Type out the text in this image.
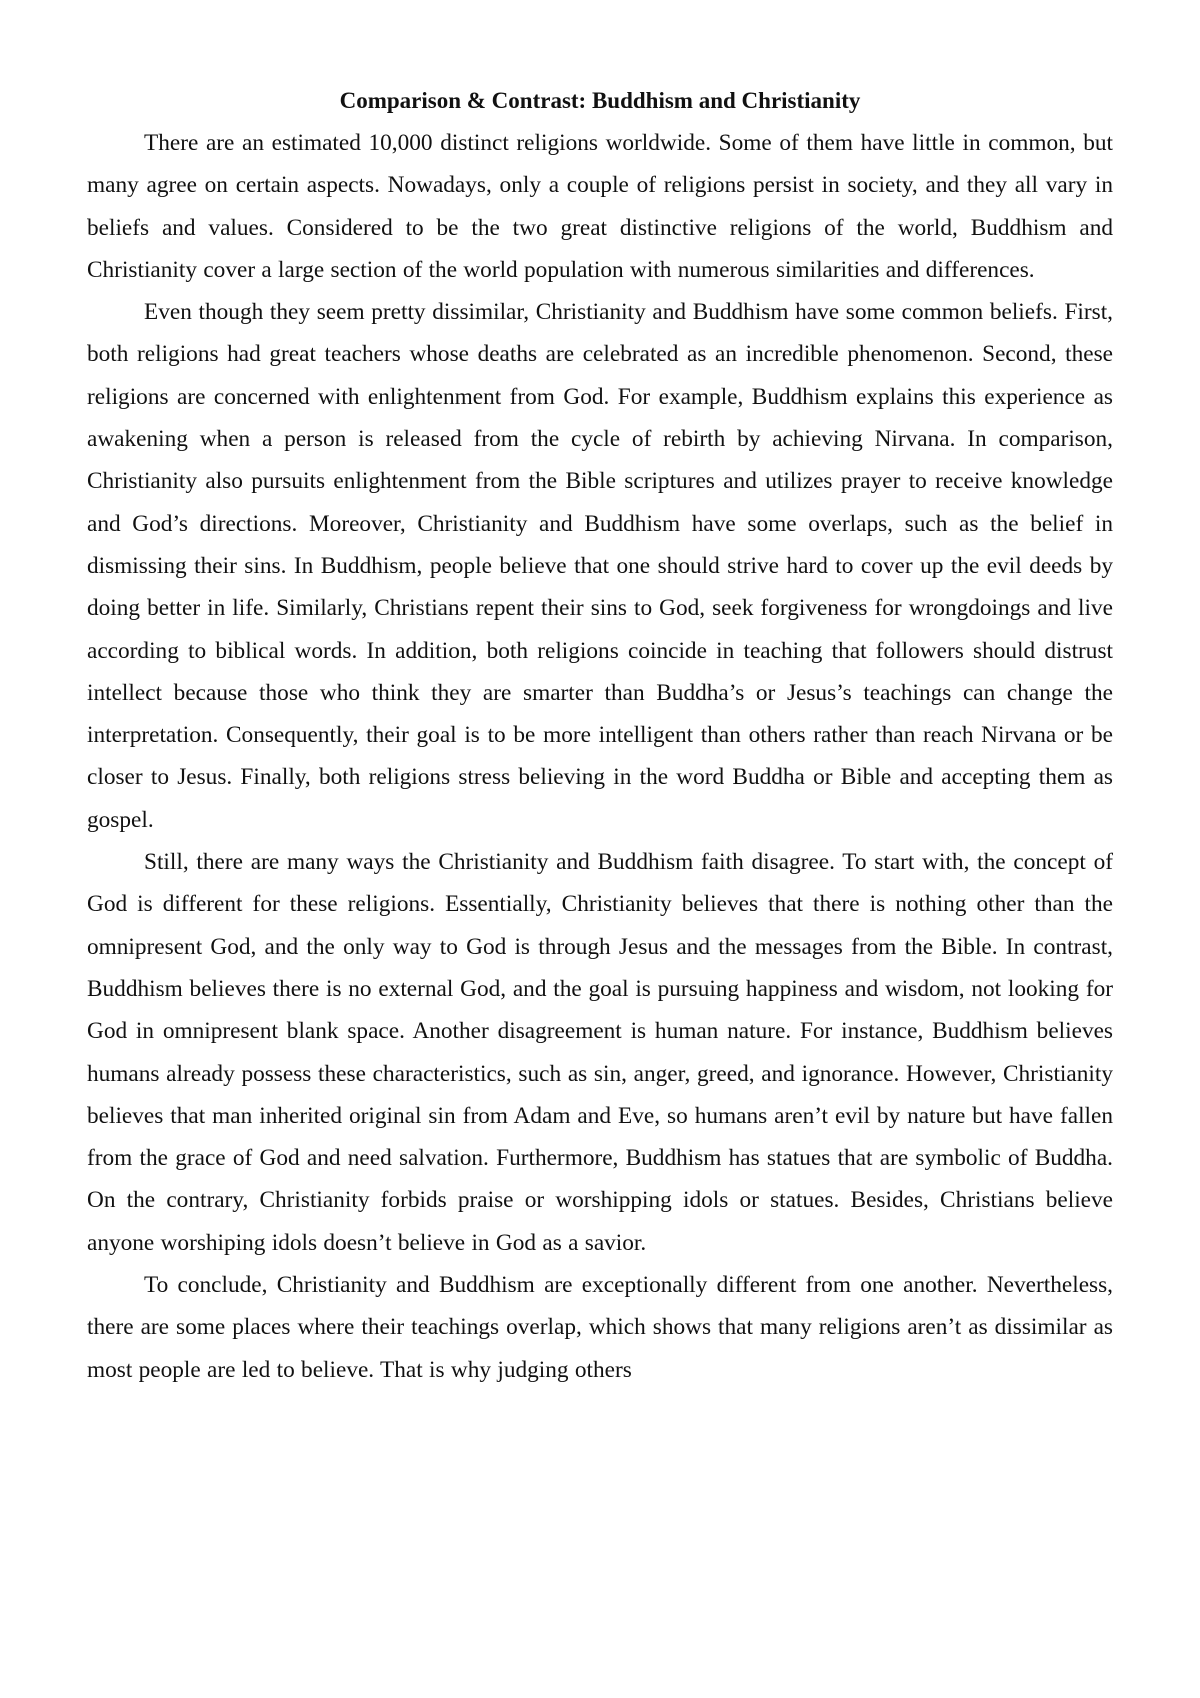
Comparison & Contrast: Buddhism and Christianity

There are an estimated 10,000 distinct religions worldwide. Some of them have little in common, but many agree on certain aspects. Nowadays, only a couple of religions persist in society, and they all vary in beliefs and values. Considered to be the two great distinctive religions of the world, Buddhism and Christianity cover a large section of the world population with numerous similarities and differences.

Even though they seem pretty dissimilar, Christianity and Buddhism have some common beliefs. First, both religions had great teachers whose deaths are celebrated as an incredible phenomenon. Second, these religions are concerned with enlightenment from God. For example, Buddhism explains this experience as awakening when a person is released from the cycle of rebirth by achieving Nirvana. In comparison, Christianity also pursuits enlightenment from the Bible scriptures and utilizes prayer to receive knowledge and God’s directions. Moreover, Christianity and Buddhism have some overlaps, such as the belief in dismissing their sins. In Buddhism, people believe that one should strive hard to cover up the evil deeds by doing better in life. Similarly, Christians repent their sins to God, seek forgiveness for wrongdoings and live according to biblical words. In addition, both religions coincide in teaching that followers should distrust intellect because those who think they are smarter than Buddha’s or Jesus’s teachings can change the interpretation. Consequently, their goal is to be more intelligent than others rather than reach Nirvana or be closer to Jesus. Finally, both religions stress believing in the word Buddha or Bible and accepting them as gospel.

Still, there are many ways the Christianity and Buddhism faith disagree. To start with, the concept of God is different for these religions. Essentially, Christianity believes that there is nothing other than the omnipresent God, and the only way to God is through Jesus and the messages from the Bible. In contrast, Buddhism believes there is no external God, and the goal is pursuing happiness and wisdom, not looking for God in omnipresent blank space. Another disagreement is human nature. For instance, Buddhism believes humans already possess these characteristics, such as sin, anger, greed, and ignorance. However, Christianity believes that man inherited original sin from Adam and Eve, so humans aren’t evil by nature but have fallen from the grace of God and need salvation. Furthermore, Buddhism has statues that are symbolic of Buddha. On the contrary, Christianity forbids praise or worshipping idols or statues. Besides, Christians believe anyone worshiping idols doesn’t believe in God as a savior.

To conclude, Christianity and Buddhism are exceptionally different from one another. Nevertheless, there are some places where their teachings overlap, which shows that many religions aren’t as dissimilar as most people are led to believe. That is why judging others
